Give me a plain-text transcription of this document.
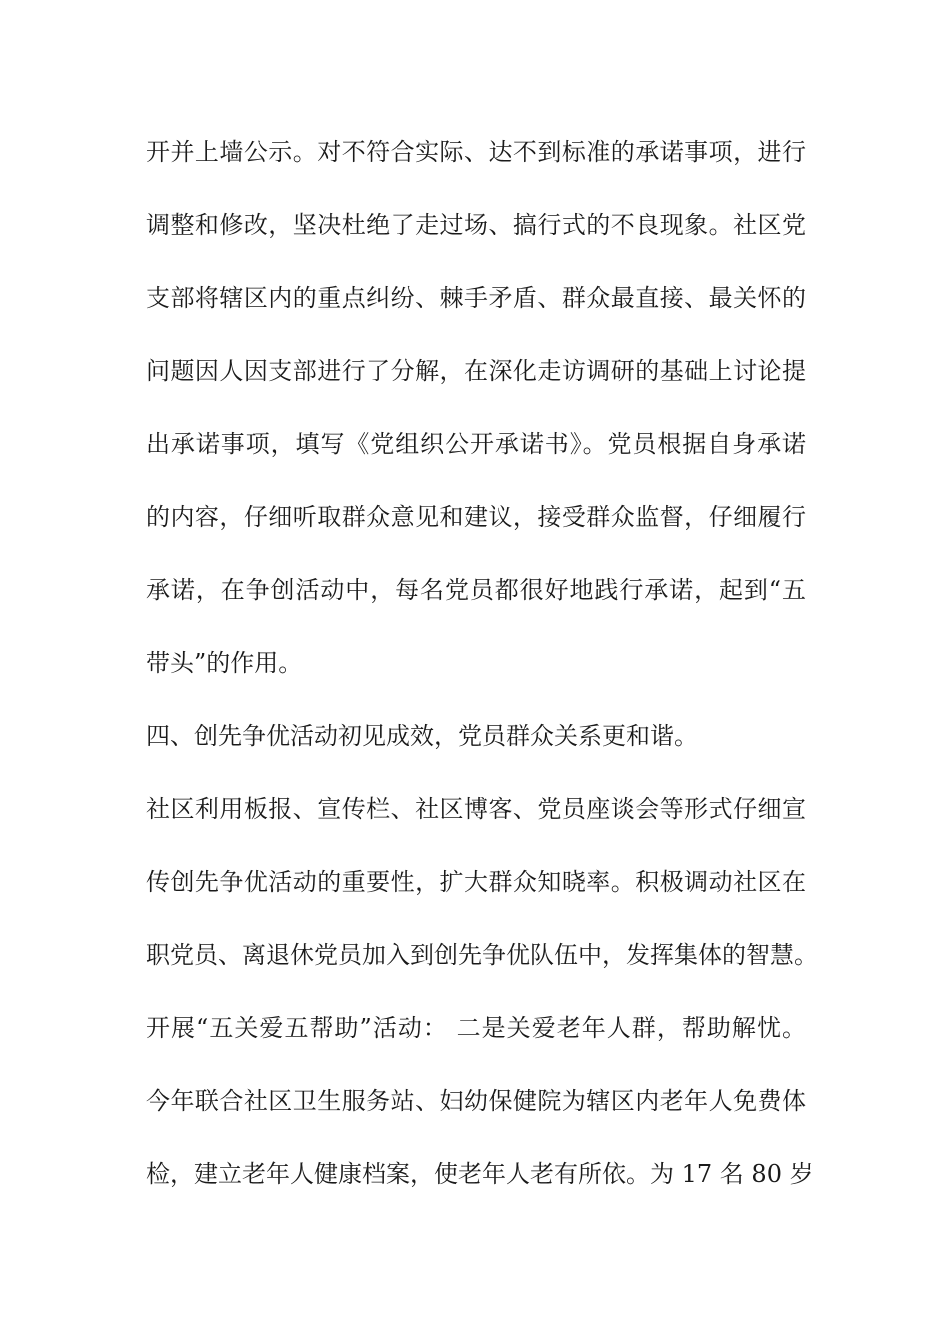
开并上墙公示。对不符合实际、达不到标准的承诺事项，进行
调整和修改，坚决杜绝了走过场、搞行式的不良现象。社区党
支部将辖区内的重点纠纷、棘手矛盾、群众最直接、最关怀的
问题因人因支部进行了分解，在深化走访调研的基础上讨论提
出承诺事项，填写《党组织公开承诺书》。党员根据自身承诺
的内容，仔细听取群众意见和建议，接受群众监督，仔细履行
承诺，在争创活动中，每名党员都很好地践行承诺，起到“五
带头”的作用。
四、创先争优活动初见成效，党员群众关系更和谐。
社区利用板报、宣传栏、社区博客、党员座谈会等形式仔细宣
传创先争优活动的重要性，扩大群众知晓率。积极调动社区在
职党员、离退休党员加入到创先争优队伍中，发挥集体的智慧。
开展“五关爱五帮助”活动： 二是关爱老年人群，帮助解忧。
今年联合社区卫生服务站、妇幼保健院为辖区内老年人免费体
检，建立老年人健康档案，使老年人老有所依。为 17 名 80 岁
